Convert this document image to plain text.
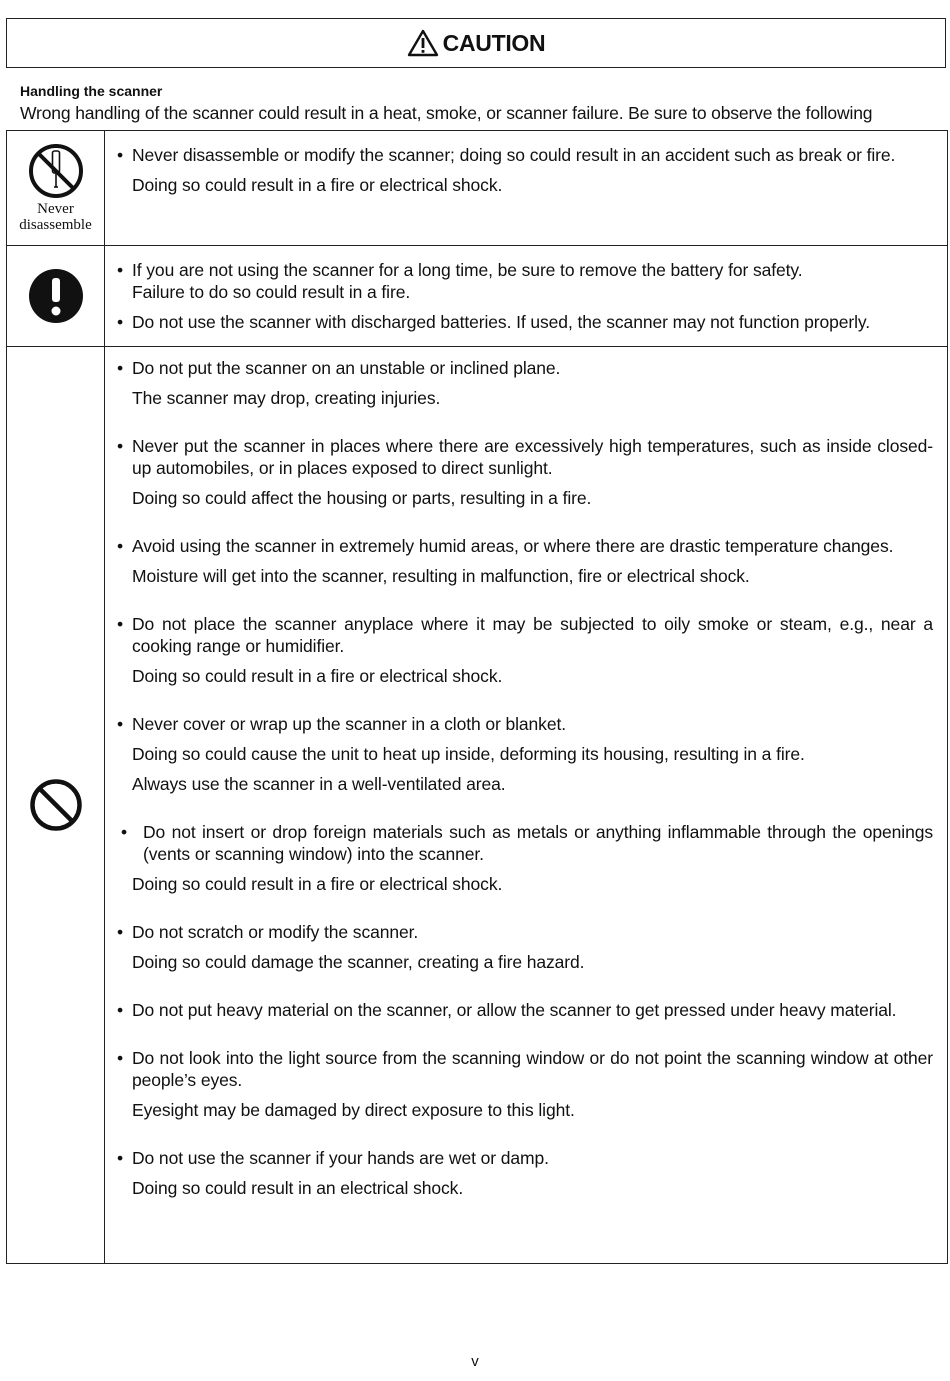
CAUTION
Handling the scanner
Wrong handling of the scanner could result in a heat, smoke, or scanner failure. Be sure to observe the following
Never
disassemble
• Never disassemble or modify the scanner; doing so could result in an accident such as break or fire.
Doing so could result in a fire or electrical shock.
• If you are not using the scanner for a long time, be sure to remove the battery for safety.
Failure to do so could result in a fire.
• Do not use the scanner with discharged batteries. If used, the scanner may not function properly.
• Do not put the scanner on an unstable or inclined plane.
The scanner may drop, creating injuries.
• Never put the scanner in places where there are excessively high temperatures, such as inside closed-up automobiles, or in places exposed to direct sunlight.
Doing so could affect the housing or parts, resulting in a fire.
• Avoid using the scanner in extremely humid areas, or where there are drastic temperature changes.
Moisture will get into the scanner, resulting in malfunction, fire or electrical shock.
• Do not place the scanner anyplace where it may be subjected to oily smoke or steam, e.g., near a cooking range or humidifier.
Doing so could result in a fire or electrical shock.
• Never cover or wrap up the scanner in a cloth or blanket.
Doing so could cause the unit to heat up inside, deforming its housing, resulting in a fire.
Always use the scanner in a well-ventilated area.
• Do not insert or drop foreign materials such as metals or anything inflammable through the openings (vents or scanning window) into the scanner.
Doing so could result in a fire or electrical shock.
• Do not scratch or modify the scanner.
Doing so could damage the scanner, creating a fire hazard.
• Do not put heavy material on the scanner, or allow the scanner to get pressed under heavy material.
• Do not look into the light source from the scanning window or do not point the scanning window at other people’s eyes.
Eyesight may be damaged by direct exposure to this light.
• Do not use the scanner if your hands are wet or damp.
Doing so could result in an electrical shock.
v
